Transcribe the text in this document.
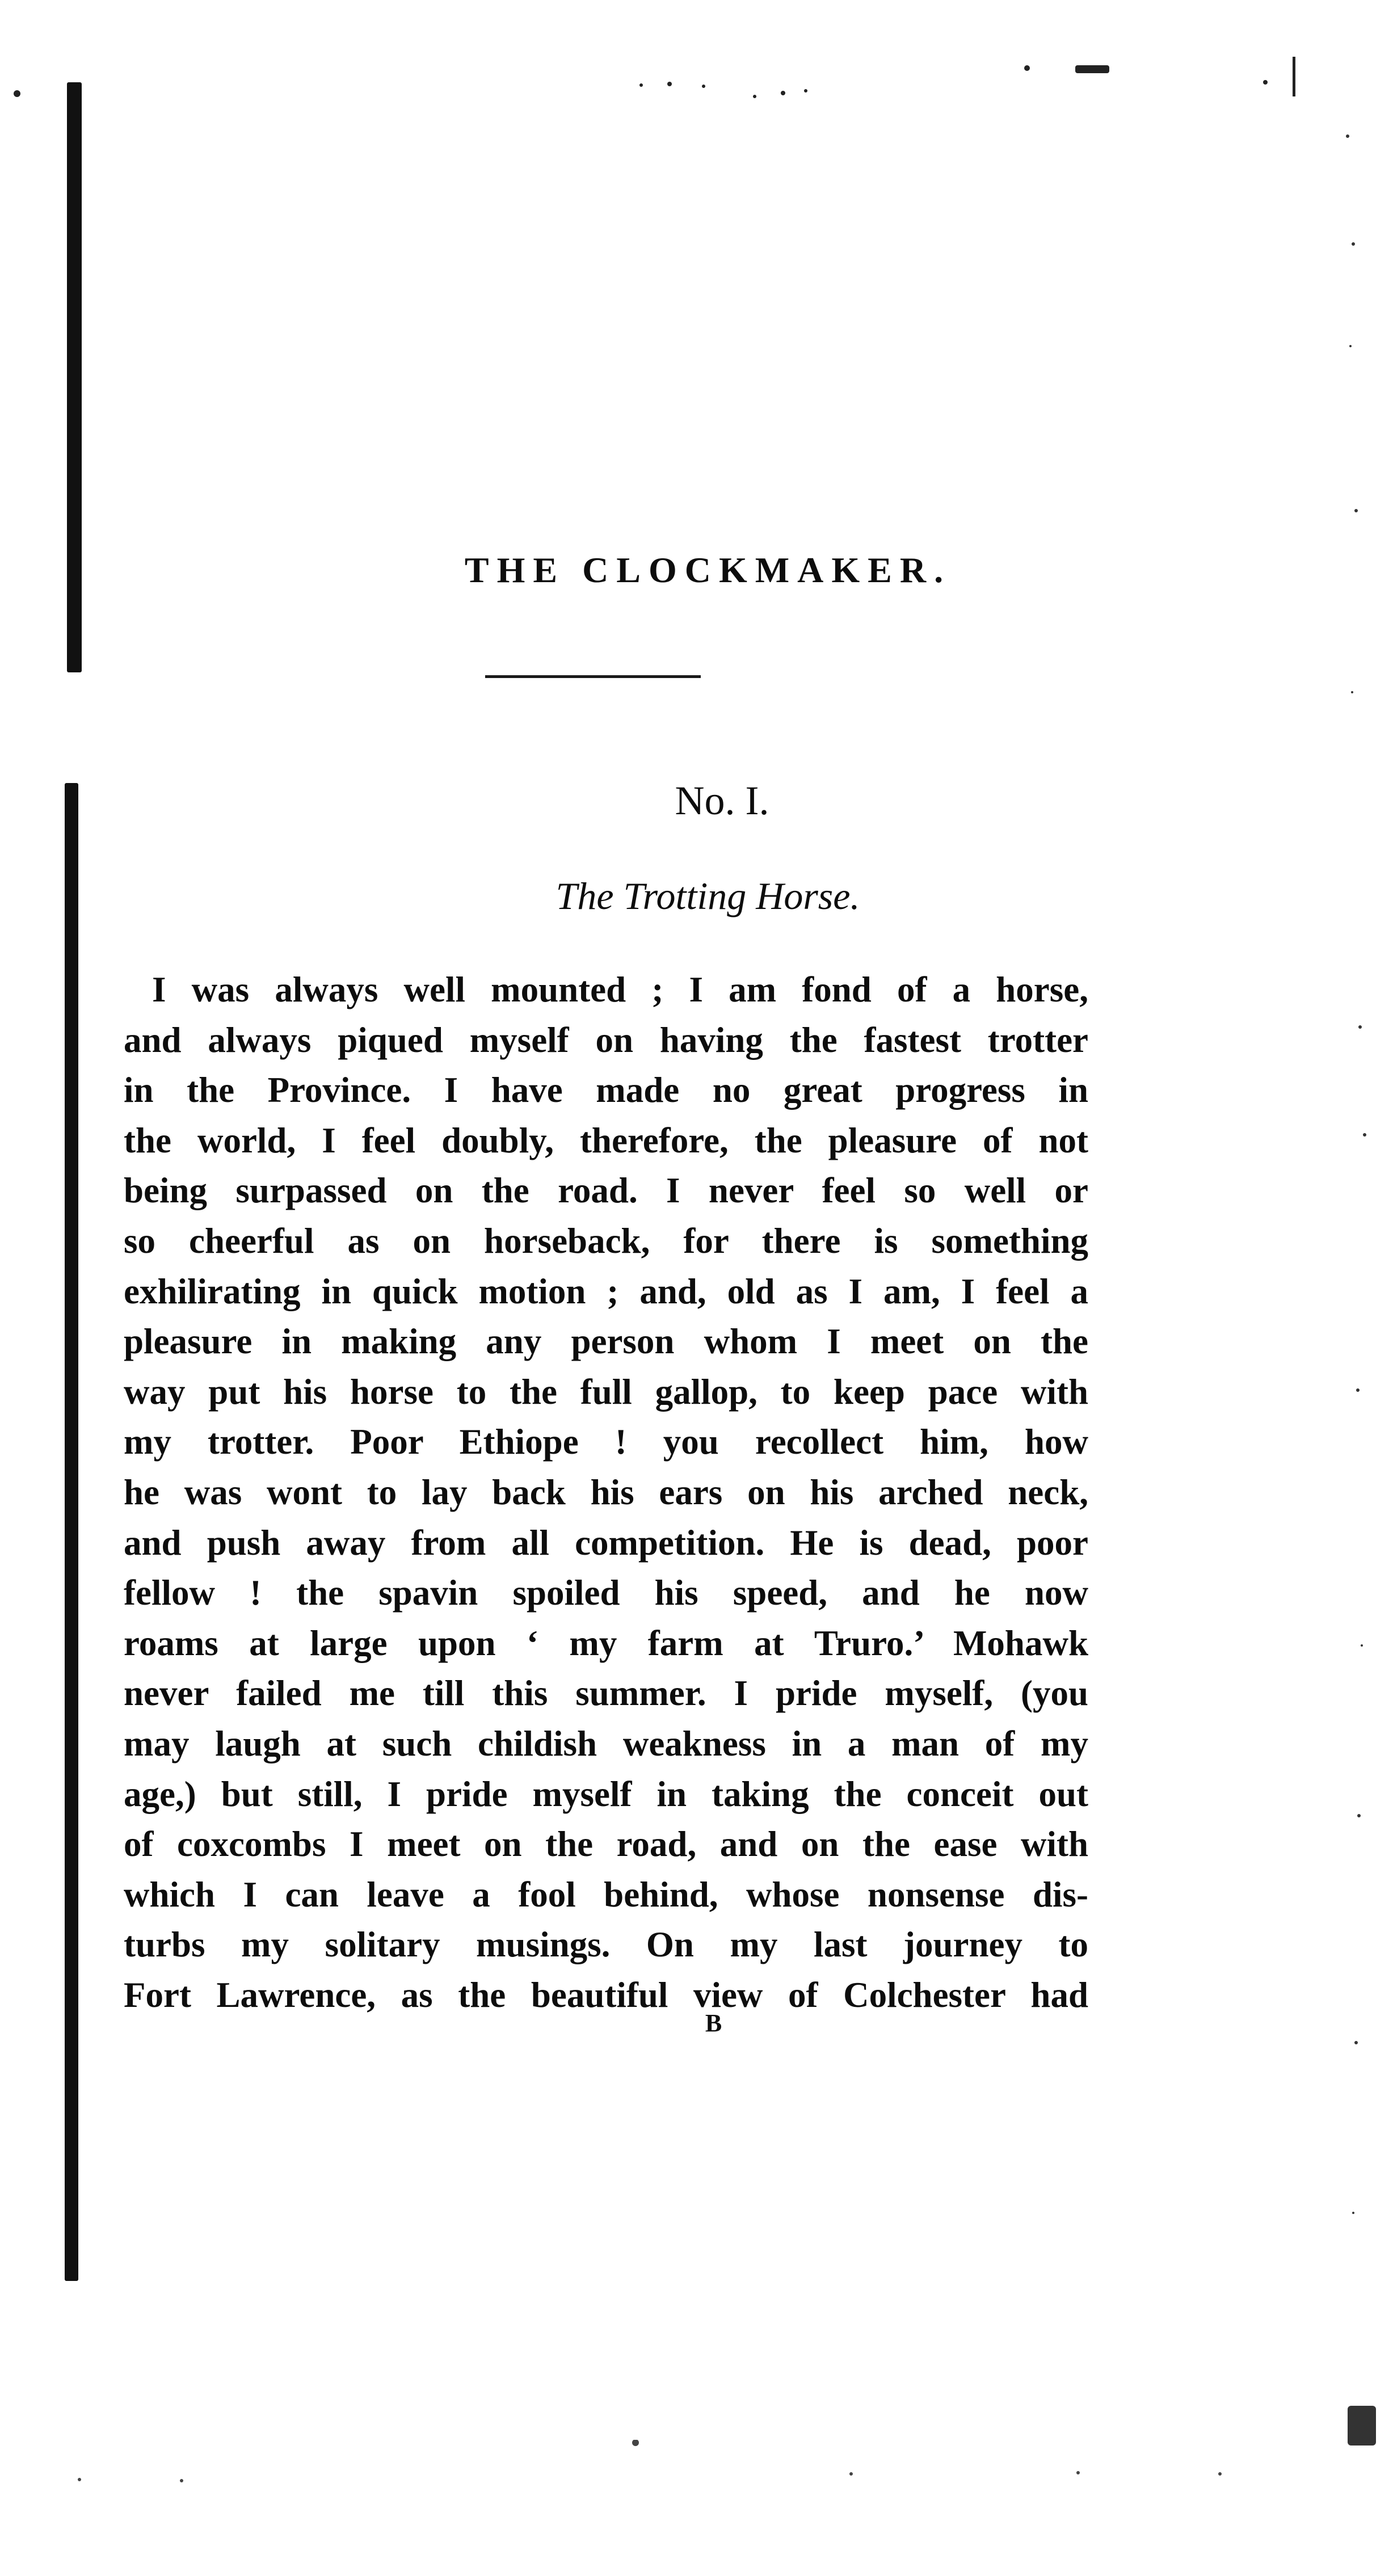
THE CLOCKMAKER.
No. I.
The Trotting Horse.
I was always well mounted ; I am fond of a horse,
and always piqued myself on having the fastest trotter
in the Province. I have made no great progress in
the world, I feel doubly, therefore, the pleasure of not
being surpassed on the road. I never feel so well or
so cheerful as on horseback, for there is something
exhilirating in quick motion ; and, old as I am, I feel a
pleasure in making any person whom I meet on the
way put his horse to the full gallop, to keep pace with
my trotter. Poor Ethiope ! you recollect him, how
he was wont to lay back his ears on his arched neck,
and push away from all competition. He is dead, poor
fellow ! the spavin spoiled his speed, and he now
roams at large upon ‘ my farm at Truro.’ Mohawk
never failed me till this summer. I pride myself, (you
may laugh at such childish weakness in a man of my
age,) but still, I pride myself in taking the conceit out
of coxcombs I meet on the road, and on the ease with
which I can leave a fool behind, whose nonsense dis-
turbs my solitary musings. On my last journey to
Fort Lawrence, as the beautiful view of Colchester had
B
